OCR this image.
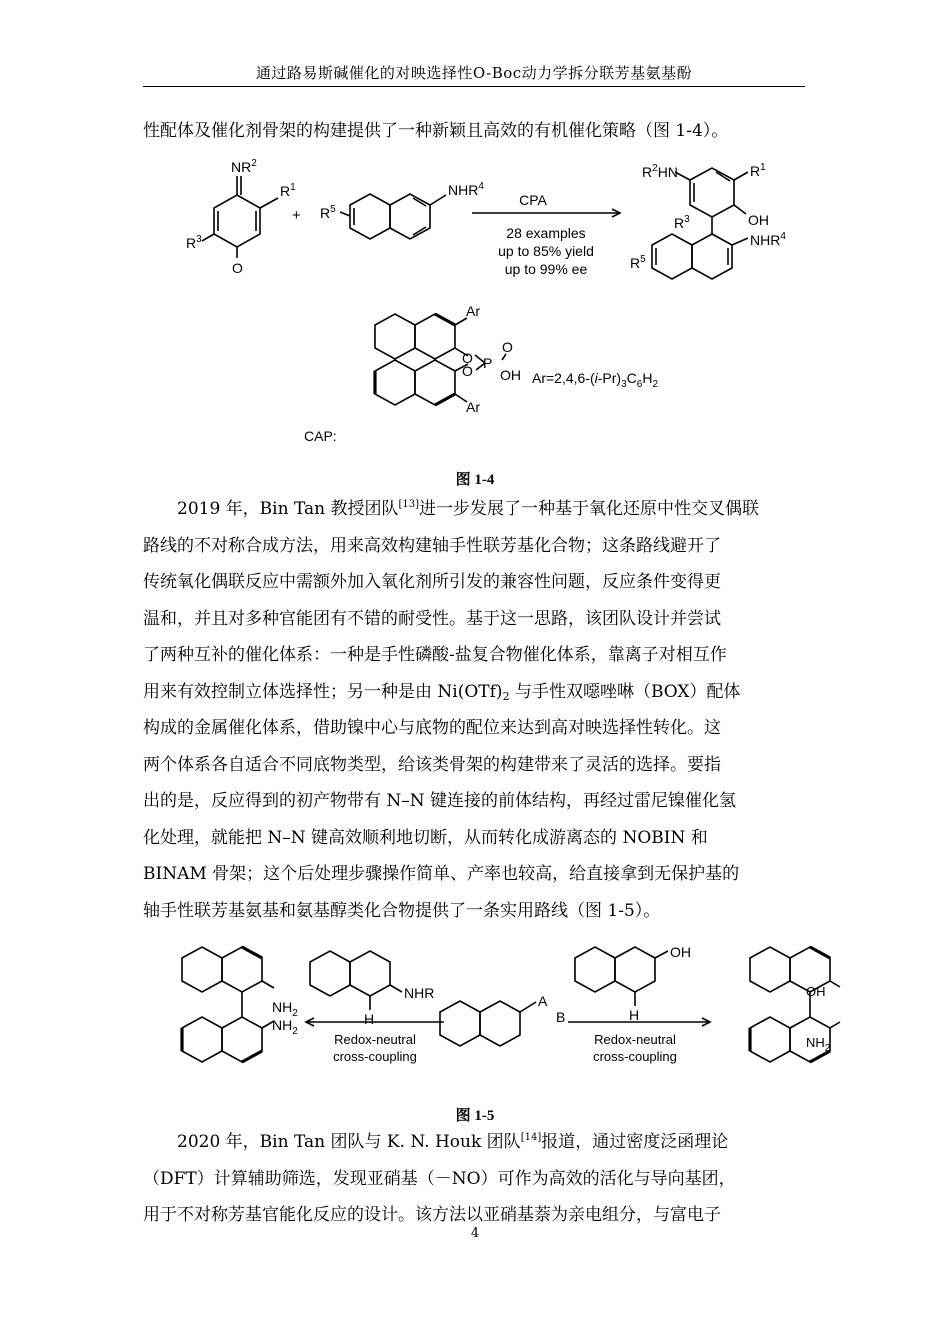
通过路易斯碱催化的对映选择性O-Boc动力学拆分联芳基氨基酚

性配体及催化剂骨架的构建提供了一种新颖且高效的有机催化策略（图 1-4）。

$NR^2$
$R^1$
$R^3$
O
+ $R^5$
NHR$^4$
CPA
28 examples
up to 85% yield
up to 99% ee
$R^2HN$	$R^1$
$R^3$	OH
NHR$^4$
$R^5$
Ar
O P
O
OH
O
Ar
CAP:
$Ar=2,4,6-(i-Pr)_3C_6H_2$
图 1-4

2019 年，Bin Tan 教授团队[13]进一步发展了一种基于氧化还原中性交叉偶联
路线的不对称合成方法，用来高效构建轴手性联芳基化合物；这条路线避开了
传统氧化偶联反应中需额外加入氧化剂所引发的兼容性问题，反应条件变得更
温和，并且对多种官能团有不错的耐受性。基于这一思路，该团队设计并尝试
了两种互补的催化体系：一种是手性磷酸-盐复合物催化体系，靠离子对相互作
用来有效控制立体选择性；另一种是由 $Ni(OTf)_2$ 与手性双噁唑啉（BOX）配体
构成的金属催化体系，借助镍中心与底物的配位来达到高对映选择性转化。这
两个体系各自适合不同底物类型，给该类骨架的构建带来了灵活的选择。要指
出的是，反应得到的初产物带有 N–N 键连接的前体结构，再经过雷尼镍催化氢
化处理，就能把 N–N 键高效顺利地切断，从而转化成游离态的 NOBIN 和
BINAM 骨架；这个后处理步骤操作简单、产率也较高，给直接拿到无保护基的
轴手性联芳基氨基和氨基醇类化合物提供了一条实用路线（图 1-5）。

$NH_2$
$NH_2$
NHR
H
A
B
OH
H
OH
$NH_2$
Redox-neutral
cross-coupling
Redox-neutral
cross-coupling
图 1-5

2020 年，Bin Tan 团队与 K. N. Houk 团队[14]报道，通过密度泛函理论
（DFT）计算辅助筛选，发现亚硝基（－NO）可作为高效的活化与导向基团，
用于不对称芳基官能化反应的设计。该方法以亚硝基萘为亲电组分，与富电子

4
